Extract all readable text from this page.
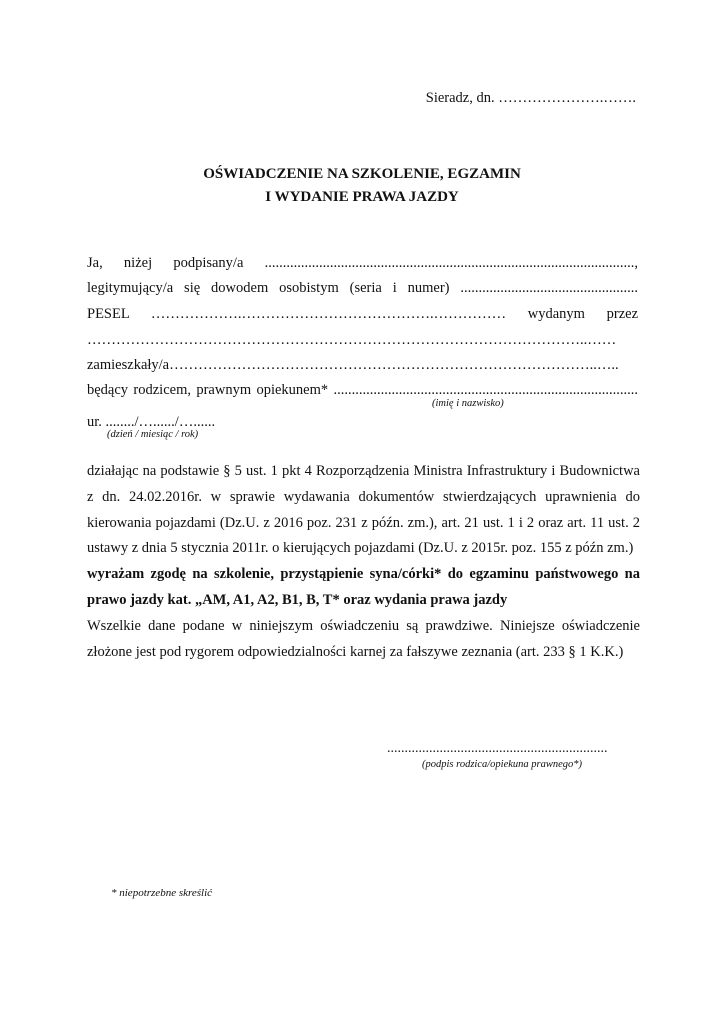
Sieradz, dn. ………………….…….
OŚWIADCZENIE NA SZKOLENIE, EGZAMIN
I WYDANIE PRAWA JAZDY
Ja, niżej podpisany/a ......................................................................................................,
legitymujący/a się dowodem osobistym (seria i numer) .................................................
PESEL ……………….………………………………….…………… wydanym przez
…………………………………………………………………………………………..……
zamieszkały/a……………………………………………………………………………..…..
będący rodzicem, prawnym opiekunem* ....................................................................................
(imię i nazwisko)
ur. ......../…....../…......
(dzień / miesiąc / rok)

działając na podstawie § 5 ust. 1 pkt 4 Rozporządzenia Ministra Infrastruktury i Budownictwa z dn. 24.02.2016r. w sprawie wydawania dokumentów stwierdzających uprawnienia do kierowania pojazdami (Dz.U. z 2016 poz. 231 z późn. zm.), art. 21 ust. 1 i 2 oraz art. 11 ust. 2 ustawy z dnia 5 stycznia 2011r. o kierujących pojazdami (Dz.U. z 2015r. poz. 155 z późn zm.)

wyrażam zgodę na szkolenie, przystąpienie syna/córki* do egzaminu państwowego na prawo jazdy kat. „AM, A1, A2, B1, B, T* oraz wydania prawa jazdy

Wszelkie dane podane w niniejszym oświadczeniu są prawdziwe. Niniejsze oświadczenie złożone jest pod rygorem odpowiedzialności karnej za fałszywe zeznania (art. 233 § 1 K.K.)

...............................................................
(podpis rodzica/opiekuna prawnego*)
* niepotrzebne skreślić
